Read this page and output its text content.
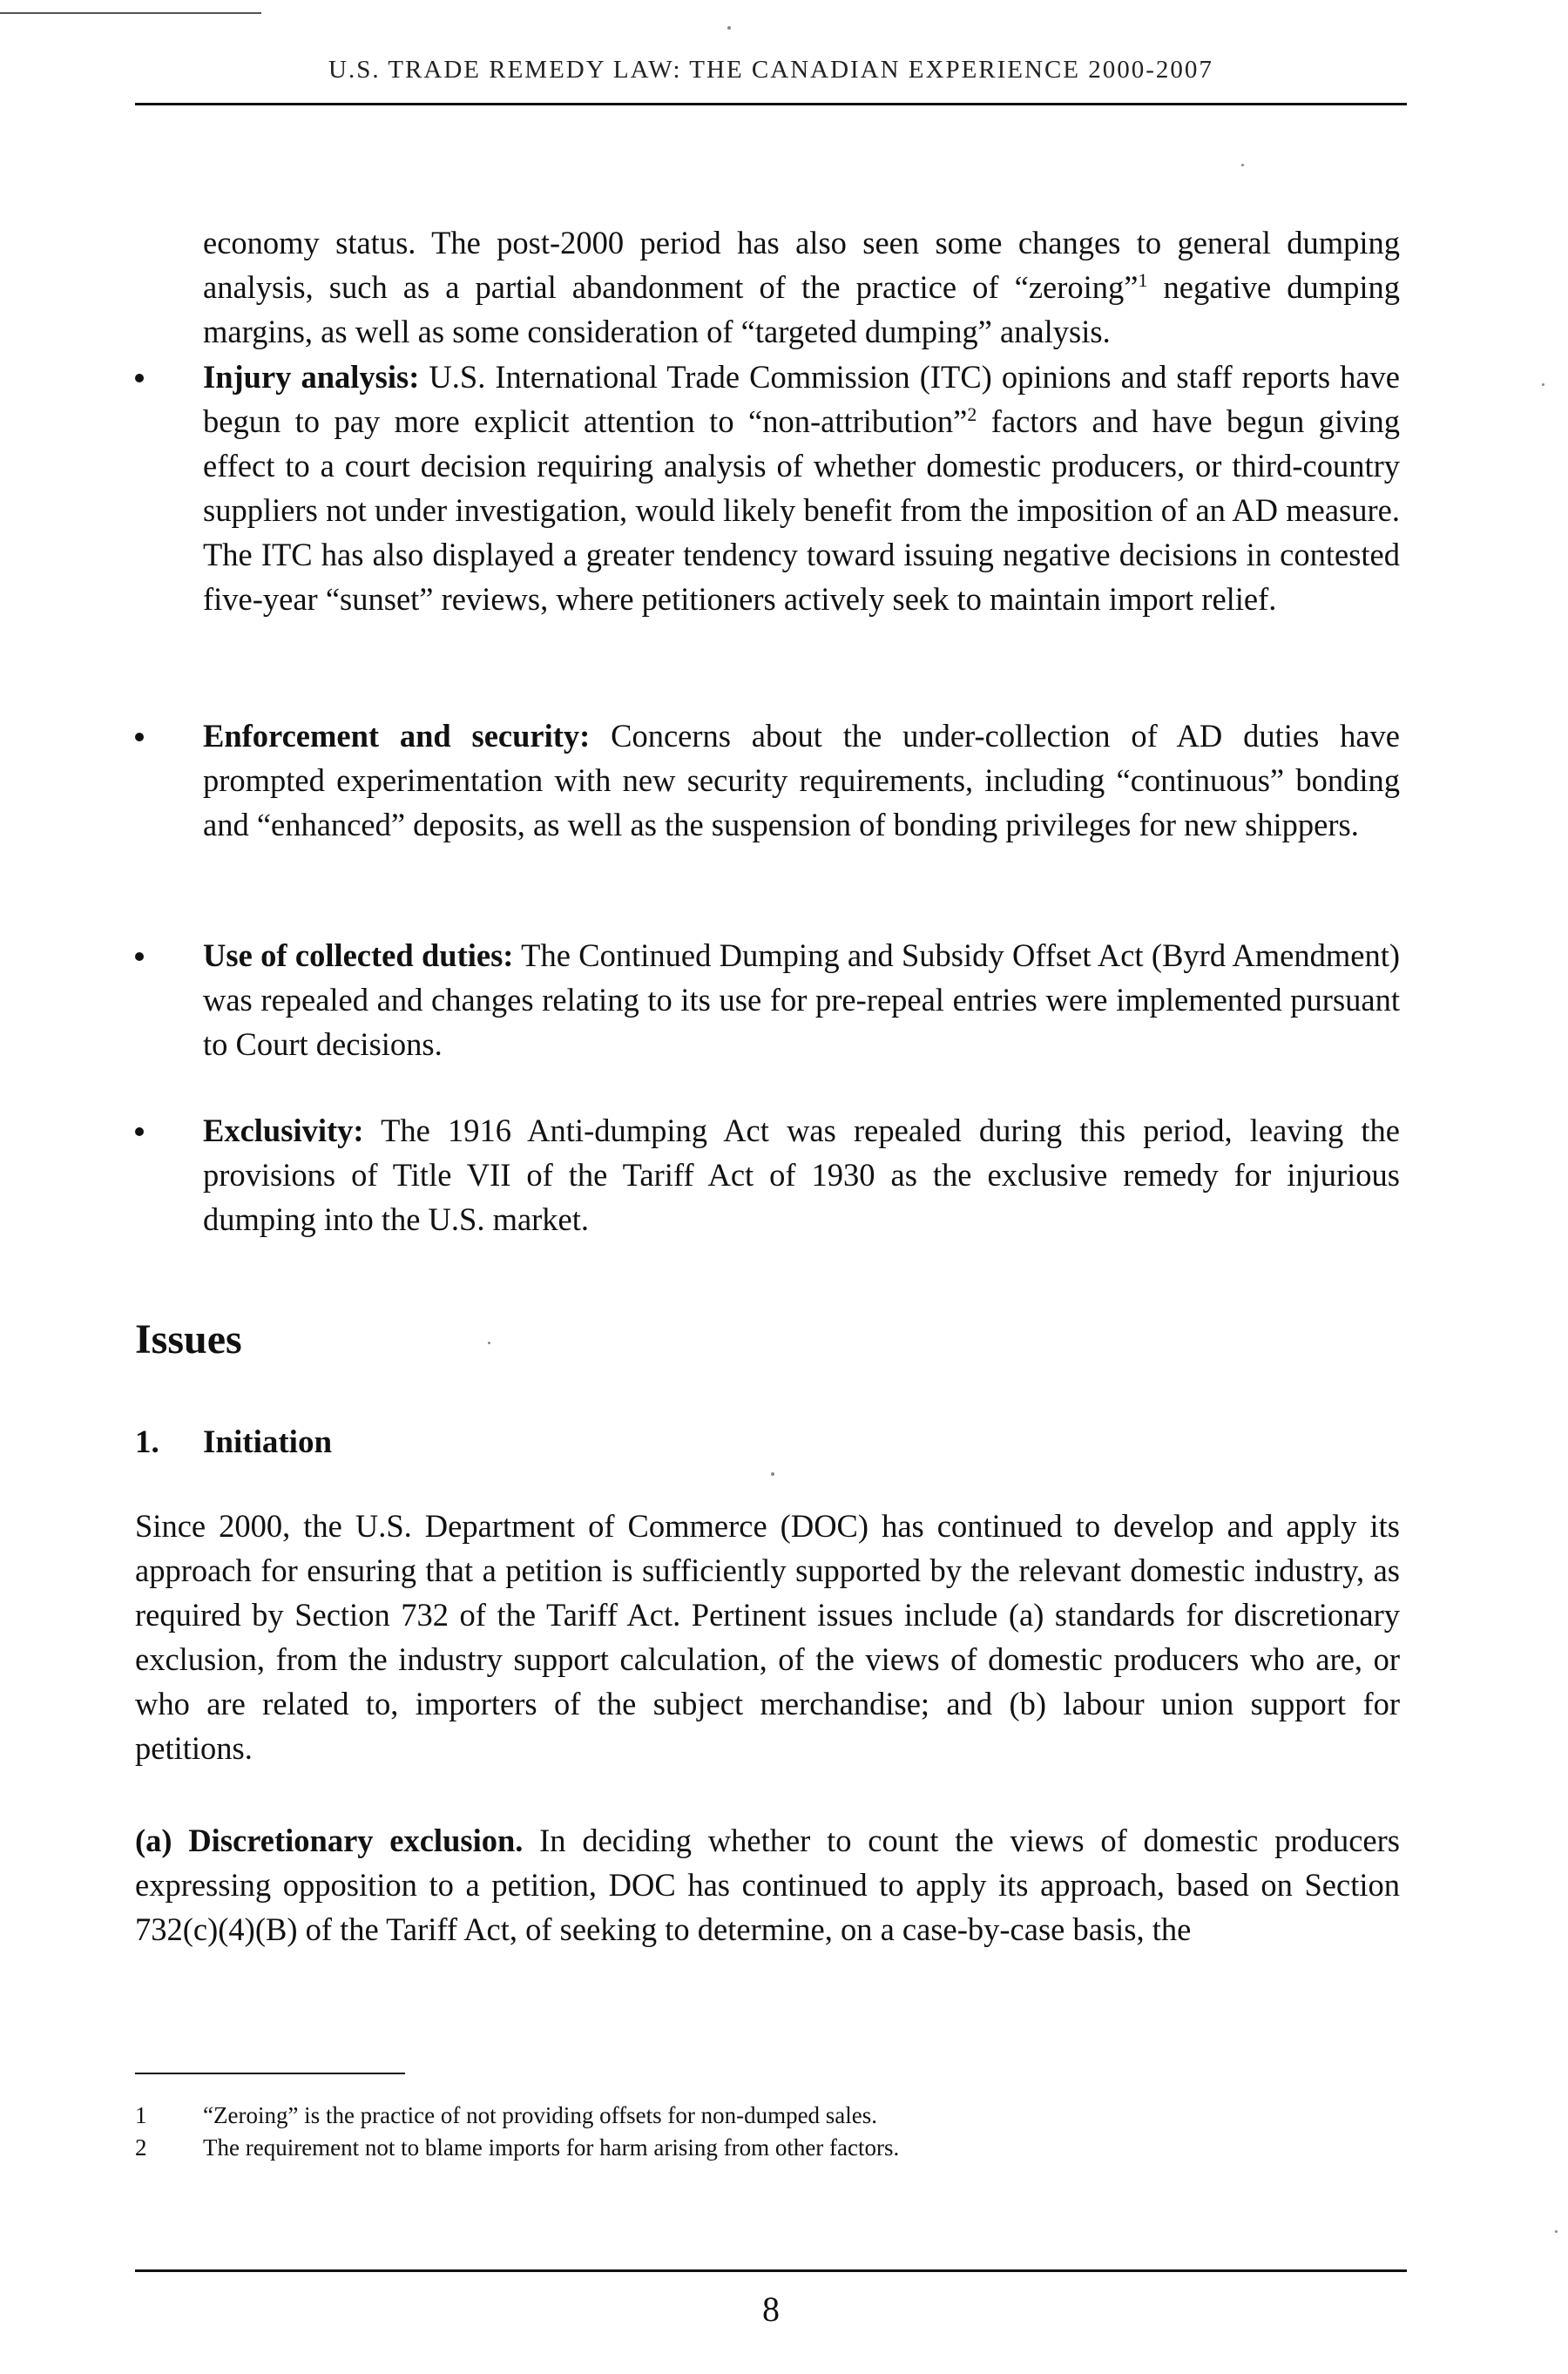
U.S. TRADE REMEDY LAW: THE CANADIAN EXPERIENCE 2000-2007

economy status. The post-2000 period has also seen some changes to general dumping analysis, such as a partial abandonment of the practice of “zeroing”$^1$ negative dumping margins, as well as some consideration of “targeted dumping” analysis.

Injury analysis: U.S. International Trade Commission (ITC) opinions and staff reports have begun to pay more explicit attention to “non-attribution”$^2$ factors and have begun giving effect to a court decision requiring analysis of whether domestic producers, or third-country suppliers not under investigation, would likely benefit from the imposition of an AD measure. The ITC has also displayed a greater tendency toward issuing negative decisions in contested five-year “sunset” reviews, where petitioners actively seek to maintain import relief.

Enforcement and security: Concerns about the under-collection of AD duties have prompted experimentation with new security requirements, including “continuous” bonding and “enhanced” deposits, as well as the suspension of bonding privileges for new shippers.

Use of collected duties: The Continued Dumping and Subsidy Offset Act (Byrd Amendment) was repealed and changes relating to its use for pre-repeal entries were implemented pursuant to Court decisions.

Exclusivity: The 1916 Anti-dumping Act was repealed during this period, leaving the provisions of Title VII of the Tariff Act of 1930 as the exclusive remedy for injurious dumping into the U.S. market.

Issues
1. Initiation

Since 2000, the U.S. Department of Commerce (DOC) has continued to develop and apply its approach for ensuring that a petition is sufficiently supported by the relevant domestic industry, as required by Section 732 of the Tariff Act. Pertinent issues include (a) standards for discretionary exclusion, from the industry support calculation, of the views of domestic producers who are, or who are related to, importers of the subject merchandise; and (b) labour union support for petitions.

(a) Discretionary exclusion. In deciding whether to count the views of domestic producers expressing opposition to a petition, DOC has continued to apply its approach, based on Section 732(c)(4)(B) of the Tariff Act, of seeking to determine, on a case-by-case basis, the

1 “Zeroing” is the practice of not providing offsets for non-dumped sales.
2 The requirement not to blame imports for harm arising from other factors.
8
